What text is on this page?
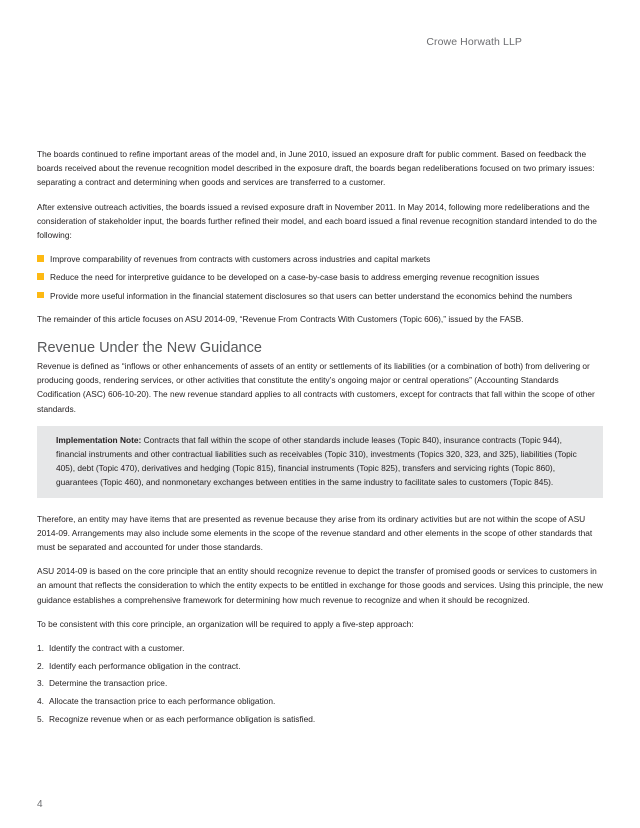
Crowe Horwath LLP

The boards continued to refine important areas of the model and, in June 2010, issued an exposure draft for public comment. Based on feedback the boards received about the revenue recognition model described in the exposure draft, the boards began redeliberations focused on two primary issues: separating a contract and determining when goods and services are transferred to a customer.

After extensive outreach activities, the boards issued a revised exposure draft in November 2011. In May 2014, following more redeliberations and the consideration of stakeholder input, the boards further refined their model, and each board issued a final revenue recognition standard intended to do the following:

Improve comparability of revenues from contracts with customers across industries and capital markets
Reduce the need for interpretive guidance to be developed on a case-by-case basis to address emerging revenue recognition issues
Provide more useful information in the financial statement disclosures so that users can better understand the economics behind the numbers

The remainder of this article focuses on ASU 2014-09, “Revenue From Contracts With Customers (Topic 606),” issued by the FASB.

Revenue Under the New Guidance

Revenue is defined as “inflows or other enhancements of assets of an entity or settlements of its liabilities (or a combination of both) from delivering or producing goods, rendering services, or other activities that constitute the entity’s ongoing major or central operations” (Accounting Standards Codification (ASC) 606-10-20). The new revenue standard applies to all contracts with customers, except for contracts that fall within the scope of other standards.

Implementation Note: Contracts that fall within the scope of other standards include leases (Topic 840), insurance contracts (Topic 944), financial instruments and other contractual liabilities such as receivables (Topic 310), investments (Topics 320, 323, and 325), liabilities (Topic 405), debt (Topic 470), derivatives and hedging (Topic 815), financial instruments (Topic 825), transfers and servicing rights (Topic 860), guarantees (Topic 460), and nonmonetary exchanges between entities in the same industry to facilitate sales to customers (Topic 845).

Therefore, an entity may have items that are presented as revenue because they arise from its ordinary activities but are not within the scope of ASU 2014-09. Arrangements may also include some elements in the scope of the revenue standard and other elements in the scope of other standards that must be separated and accounted for under those standards.

ASU 2014-09 is based on the core principle that an entity should recognize revenue to depict the transfer of promised goods or services to customers in an amount that reflects the consideration to which the entity expects to be entitled in exchange for those goods and services. Using this principle, the new guidance establishes a comprehensive framework for determining how much revenue to recognize and when it should be recognized.

To be consistent with this core principle, an organization will be required to apply a five-step approach:

1. Identify the contract with a customer.
2. Identify each performance obligation in the contract.
3. Determine the transaction price.
4. Allocate the transaction price to each performance obligation.
5. Recognize revenue when or as each performance obligation is satisfied.
4
